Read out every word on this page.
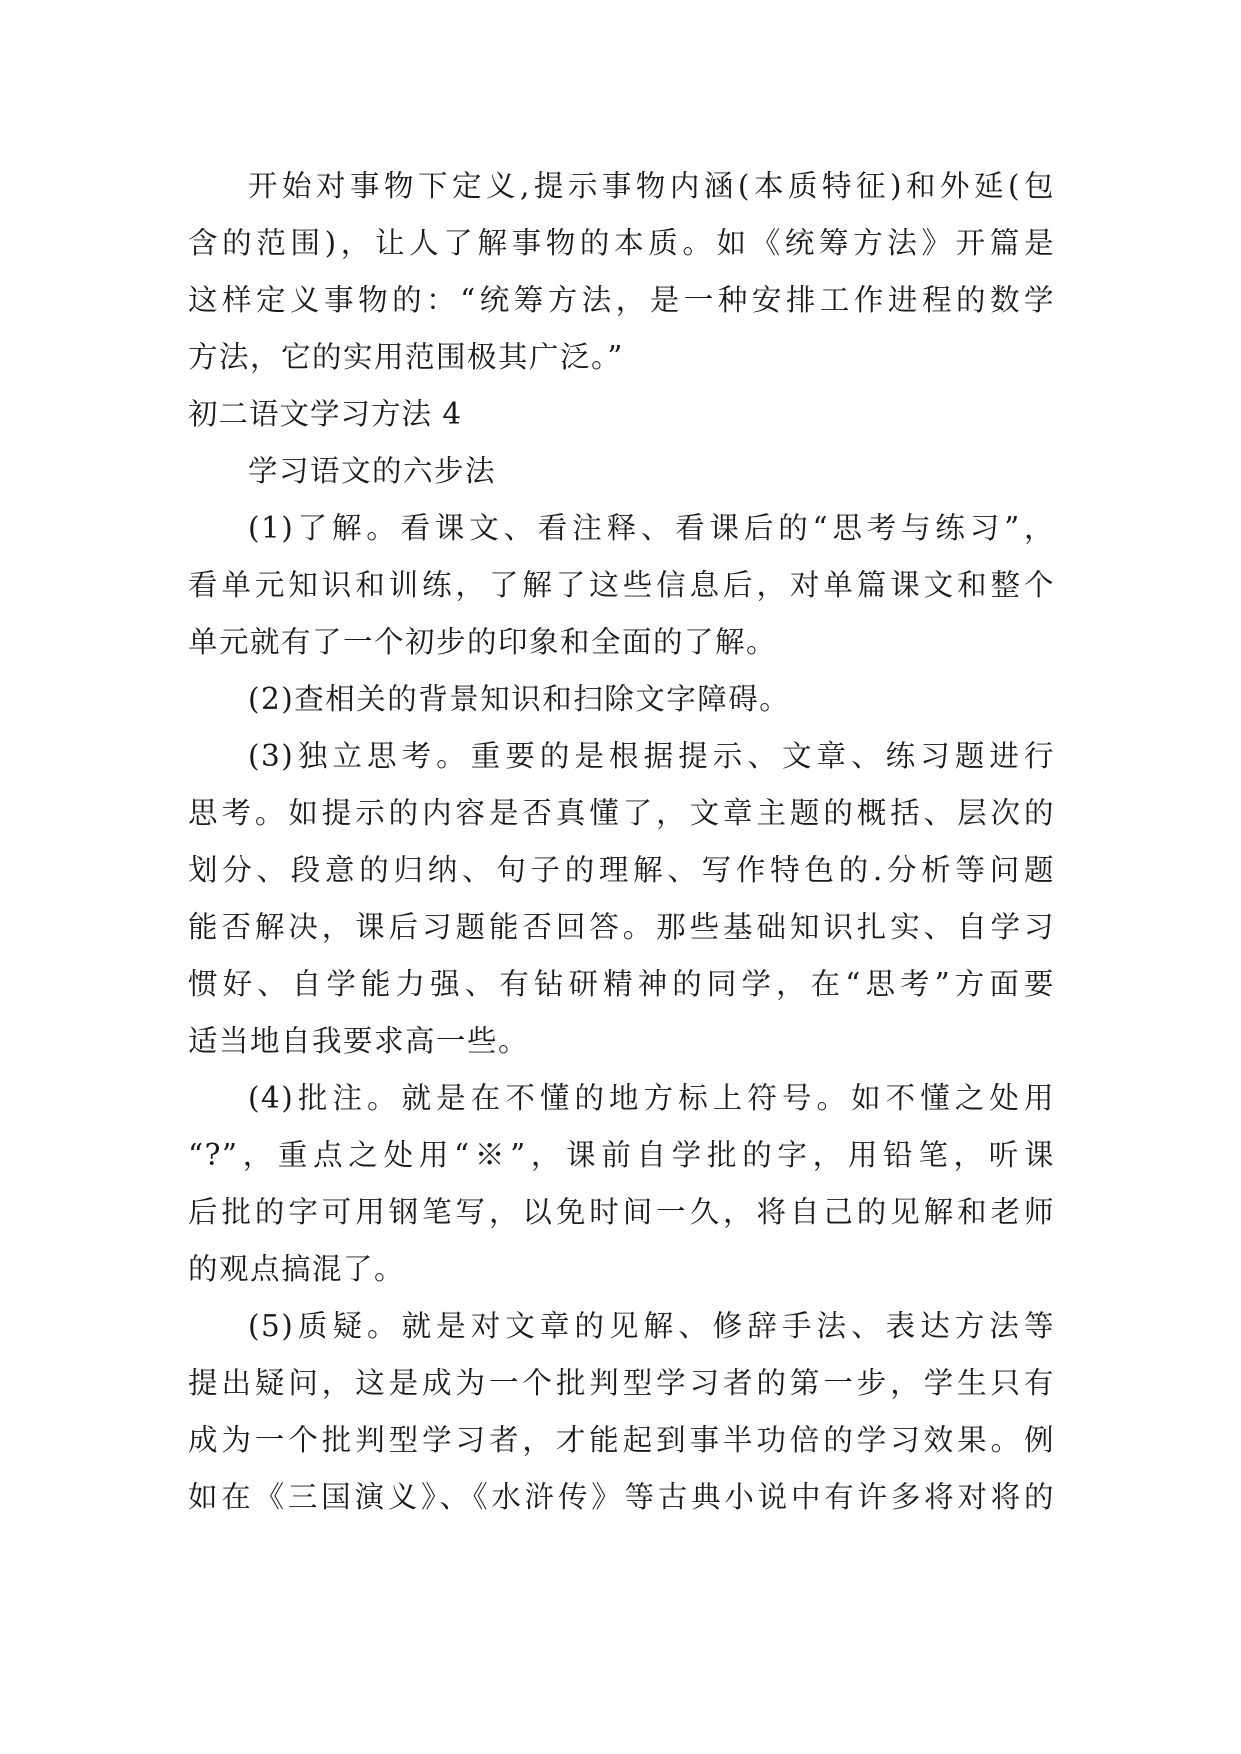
开始对事物下定义,提示事物内涵(本质特征)和外延(包
含的范围)，让人了解事物的本质。如《统筹方法》开篇是
这样定义事物的：“统筹方法，是一种安排工作进程的数学
方法，它的实用范围极其广泛。”
初二语文学习方法 4
学习语文的六步法
(1)了解。看课文、看注释、看课后的“思考与练习”，
看单元知识和训练，了解了这些信息后，对单篇课文和整个
单元就有了一个初步的印象和全面的了解。
(2)查相关的背景知识和扫除文字障碍。
(3)独立思考。重要的是根据提示、文章、练习题进行
思考。如提示的内容是否真懂了，文章主题的概括、层次的
划分、段意的归纳、句子的理解、写作特色的.分析等问题
能否解决，课后习题能否回答。那些基础知识扎实、自学习
惯好、自学能力强、有钻研精神的同学，在“思考”方面要
适当地自我要求高一些。
(4)批注。就是在不懂的地方标上符号。如不懂之处用
“?”，重点之处用“※”，课前自学批的字，用铅笔，听课
后批的字可用钢笔写，以免时间一久，将自己的见解和老师
的观点搞混了。
(5)质疑。就是对文章的见解、修辞手法、表达方法等
提出疑问，这是成为一个批判型学习者的第一步，学生只有
成为一个批判型学习者，才能起到事半功倍的学习效果。例
如在《三国演义》、《水浒传》等古典小说中有许多将对将的
